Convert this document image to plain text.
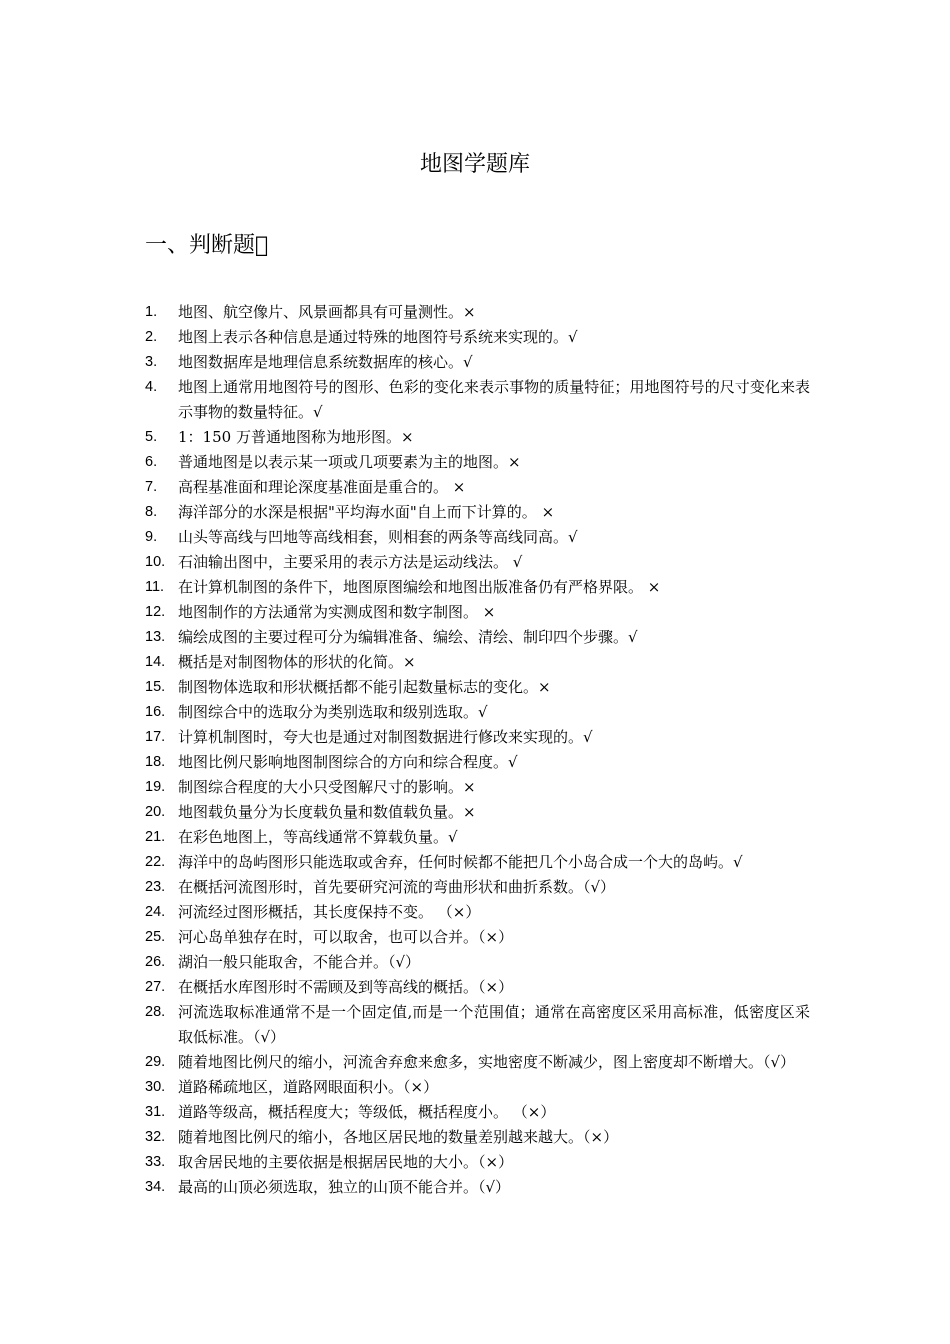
地图学题库
一、判断题 
1. 地图、航空像片、风景画都具有可量测性。×
2. 地图上表示各种信息是通过特殊的地图符号系统来实现的。√
3. 地图数据库是地理信息系统数据库的核心。√
4. 地图上通常用地图符号的图形、色彩的变化来表示事物的质量特征；用地图符号的尺寸变化来表示事物的数量特征。√
5. 1：150 万普通地图称为地形图。×
6. 普通地图是以表示某一项或几项要素为主的地图。×
7. 高程基准面和理论深度基准面是重合的。 ×
8. 海洋部分的水深是根据"平均海水面"自上而下计算的。 ×
9. 山头等高线与凹地等高线相套，则相套的两条等高线同高。√
10. 石油输出图中，主要采用的表示方法是运动线法。 √
11. 在计算机制图的条件下，地图原图编绘和地图出版准备仍有严格界限。 ×
12. 地图制作的方法通常为实测成图和数字制图。 ×
13. 编绘成图的主要过程可分为编辑准备、编绘、清绘、制印四个步骤。√
14. 概括是对制图物体的形状的化简。×
15. 制图物体选取和形状概括都不能引起数量标志的变化。×
16. 制图综合中的选取分为类别选取和级别选取。√
17. 计算机制图时，夸大也是通过对制图数据进行修改来实现的。√
18. 地图比例尺影响地图制图综合的方向和综合程度。√
19. 制图综合程度的大小只受图解尺寸的影响。×
20. 地图载负量分为长度载负量和数值载负量。×
21. 在彩色地图上，等高线通常不算载负量。√
22. 海洋中的岛屿图形只能选取或舍弃，任何时候都不能把几个小岛合成一个大的岛屿。√
23. 在概括河流图形时，首先要研究河流的弯曲形状和曲折系数。（√）
24. 河流经过图形概括，其长度保持不变。 （×）
25. 河心岛单独存在时，可以取舍，也可以合并。（×）
26. 湖泊一般只能取舍，不能合并。（√）
27. 在概括水库图形时不需顾及到等高线的概括。（×）
28. 河流选取标准通常不是一个固定值,而是一个范围值；通常在高密度区采用高标准，低密度区采取低标准。（√）
29. 随着地图比例尺的缩小，河流舍弃愈来愈多，实地密度不断减少，图上密度却不断增大。（√）
30. 道路稀疏地区，道路网眼面积小。（×）
31. 道路等级高，概括程度大；等级低，概括程度小。 （×）
32. 随着地图比例尺的缩小，各地区居民地的数量差别越来越大。（×）
33. 取舍居民地的主要依据是根据居民地的大小。（×）
34. 最高的山顶必须选取，独立的山顶不能合并。（√）
